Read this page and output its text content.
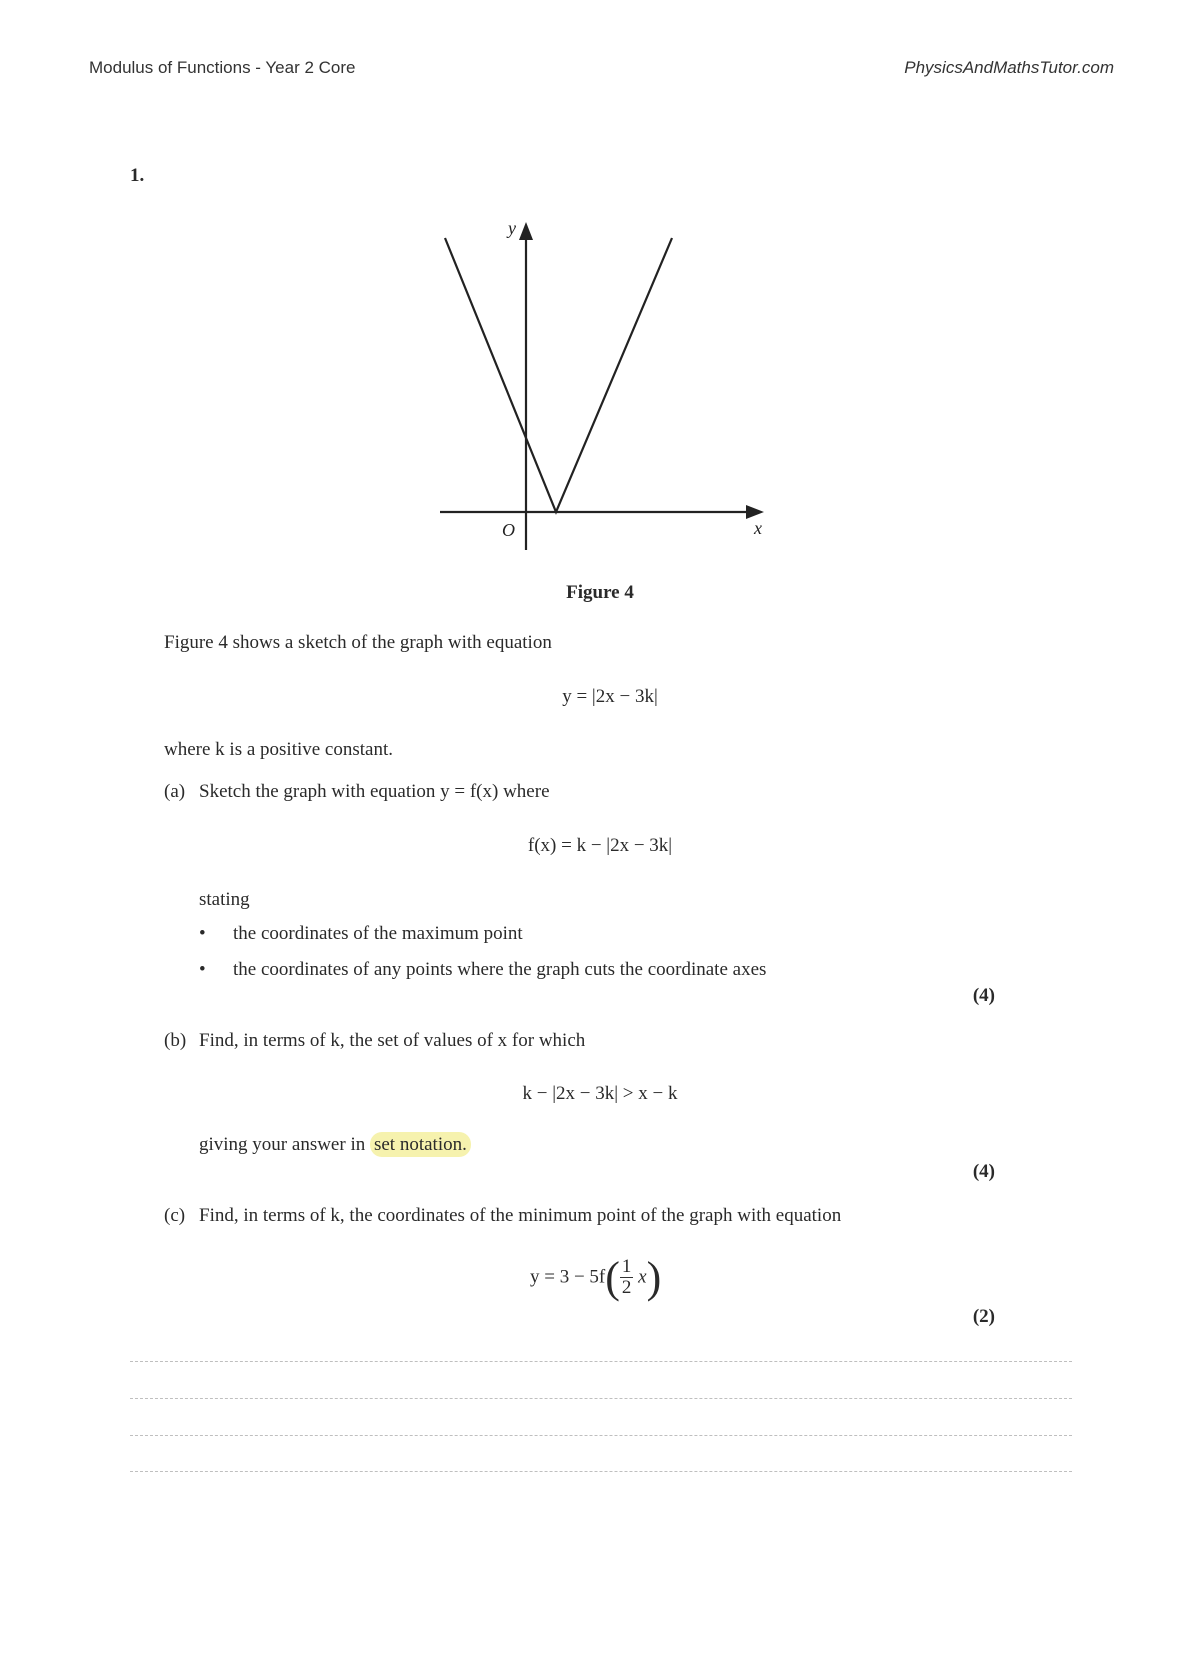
Modulus of Functions - Year 2 Core	PhysicsAndMathsTutor.com
1.
y
x
O
Figure 4
Figure 4 shows a sketch of the graph with equation
y = |2x − 3k|
where k is a positive constant.
(a) Sketch the graph with equation y = f(x) where
f(x) = k − |2x − 3k|
stating
• the coordinates of the maximum point
• the coordinates of any points where the graph cuts the coordinate axes
(4)
(b) Find, in terms of k, the set of values of x for which
k − |2x − 3k| > x − k
giving your answer in set notation.
(4)
(c) Find, in terms of k, the coordinates of the minimum point of the graph with equation
$y = 3 - 5f( \frac{1}{2} x)$
(2)
